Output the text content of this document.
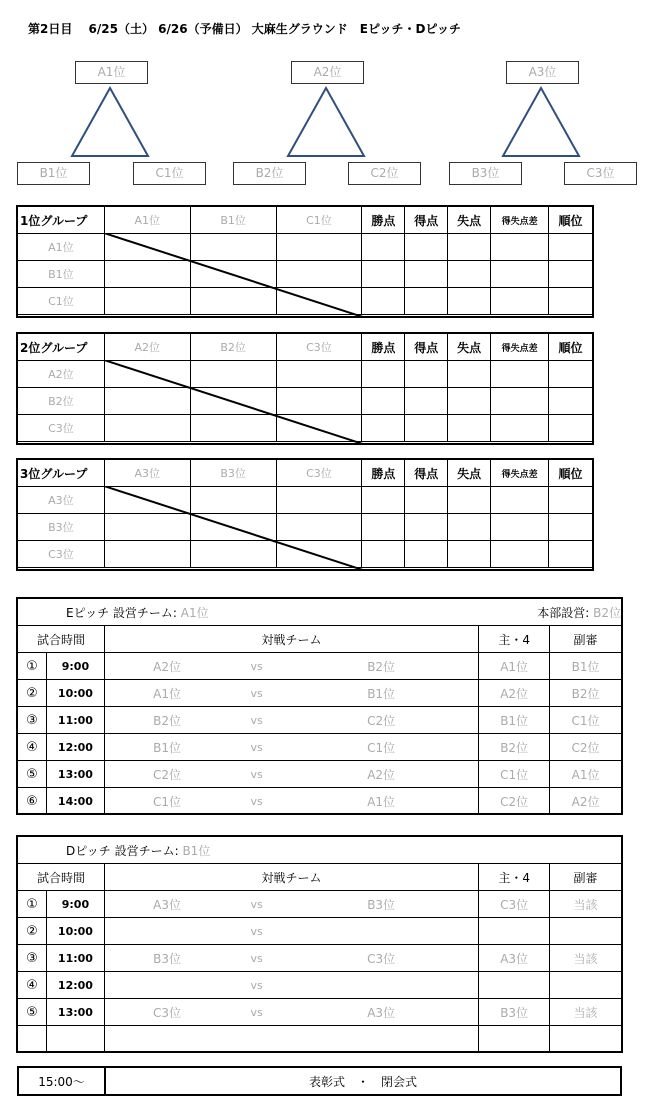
第2日目　 6/25（土） 6/26（予備日） 大麻生グラウンド　Eピッチ・Dピッチ
A1位
B1位	C1位
A2位
B2位	C2位
A3位
B3位	C3位
1位グループ	A1位	B1位	C1位	勝点	得点	失点	得失点差	順位
A1位								
B1位								
C1位								
2位グループ	A2位	B2位	C3位	勝点	得点	失点	得失点差	順位
A2位								
B2位								
C3位								
3位グループ	A3位	B3位	C3位	勝点	得点	失点	得失点差	順位
A3位								
B3位								
C3位								
Eピッチ 設営チーム: A1位					本部設営: B2位	
試合時間		対戦チーム			主・4	副審
①	9:00	A2位	vs	B2位	A1位	B1位
②	10:00	A1位	vs	B1位	A2位	B2位
③	11:00	B2位	vs	C2位	B1位	C1位
④	12:00	B1位	vs	C1位	B2位	C2位
⑤	13:00	C2位	vs	A2位	C1位	A1位
⑥	14:00	C1位	vs	A1位	C2位	A2位
Dピッチ 設営チーム: B1位						
試合時間		対戦チーム			主・4	副審
①	9:00	A3位	vs	B3位	C3位	当該
②	10:00		vs			
③	11:00	B3位	vs	C3位	A3位	当該
④	12:00		vs			
⑤	13:00	C3位	vs	A3位	B3位	当該

15:00～	表彰式　・　閉会式
